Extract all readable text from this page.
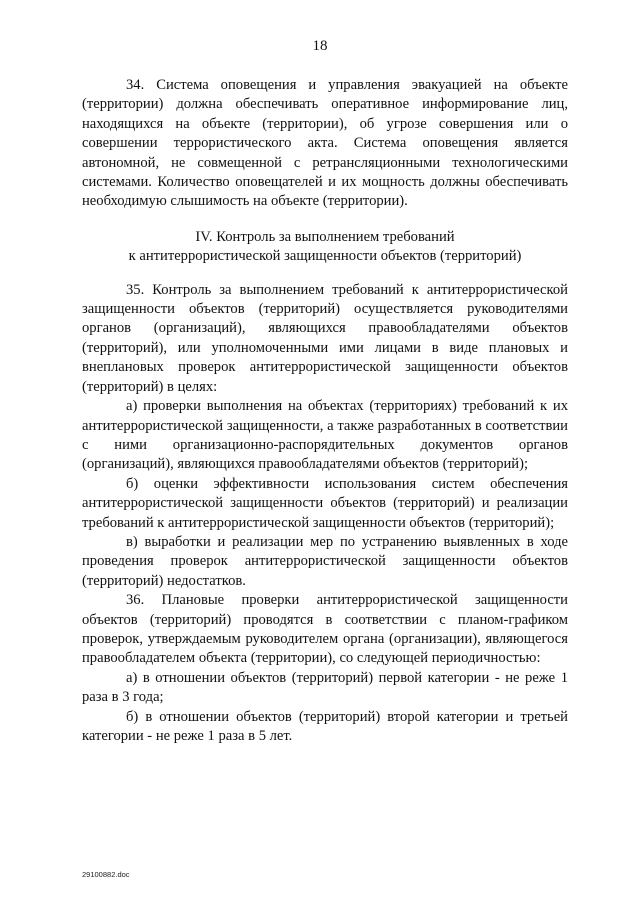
18

34. Система оповещения и управления эвакуацией на объекте (территории) должна обеспечивать оперативное информирование лиц, находящихся на объекте (территории), об угрозе совершения или о совершении террористического акта. Система оповещения является автономной, не совмещенной с ретрансляционными технологическими системами. Количество оповещателей и их мощность должны обеспечивать необходимую слышимость на объекте (территории).

IV. Контроль за выполнением требований
к антитеррористической защищенности объектов (территорий)

35. Контроль за выполнением требований к антитеррористической защищенности объектов (территорий) осуществляется руководителями органов (организаций), являющихся правообладателями объектов (территорий), или уполномоченными ими лицами в виде плановых и внеплановых проверок антитеррористической защищенности объектов (территорий) в целях:

а) проверки выполнения на объектах (территориях) требований к их антитеррористической защищенности, а также разработанных в соответствии с ними организационно-распорядительных документов органов (организаций), являющихся правообладателями объектов (территорий);

б) оценки эффективности использования систем обеспечения антитеррористической защищенности объектов (территорий) и реализации требований к антитеррористической защищенности объектов (территорий);

в) выработки и реализации мер по устранению выявленных в ходе проведения проверок антитеррористической защищенности объектов (территорий) недостатков.

36. Плановые проверки антитеррористической защищенности объектов (территорий) проводятся в соответствии с планом-графиком проверок, утверждаемым руководителем органа (организации), являющегося правообладателем объекта (территории), со следующей периодичностью:

а) в отношении объектов (территорий) первой категории - не реже 1 раза в 3 года;

б) в отношении объектов (территорий) второй категории и третьей категории - не реже 1 раза в 5 лет.

29100882.doc
